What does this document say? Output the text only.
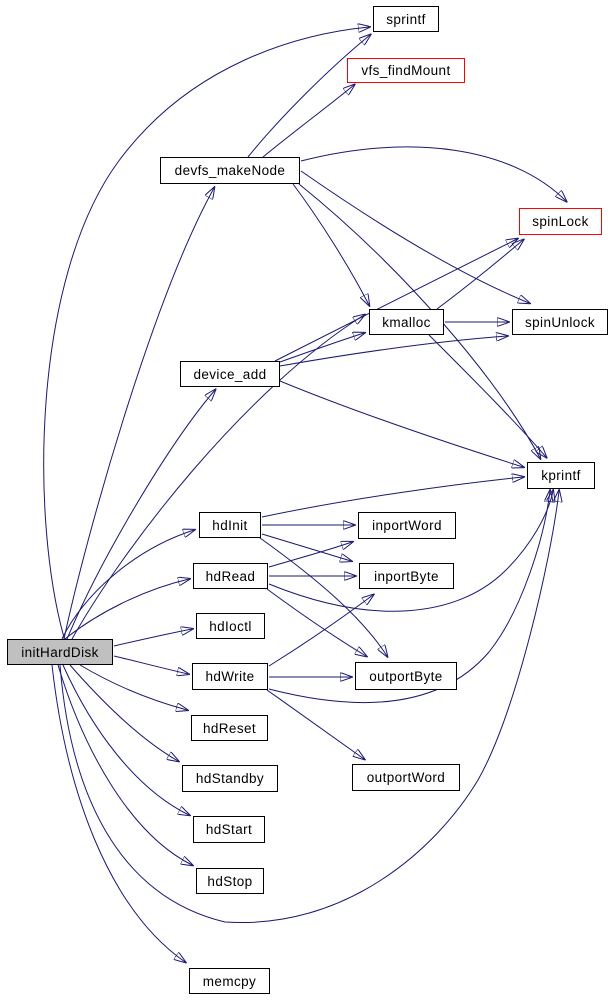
sprintf
vfs_findMount
devfs_makeNode
spinLock
kmalloc	spinUnlock
device_add
kprintf
hdInit	inportWord
hdRead	inportByte
hdIoctl
initHardDisk
hdWrite	outportByte
hdReset
hdStandby	outportWord
hdStart
hdStop
memcpy
